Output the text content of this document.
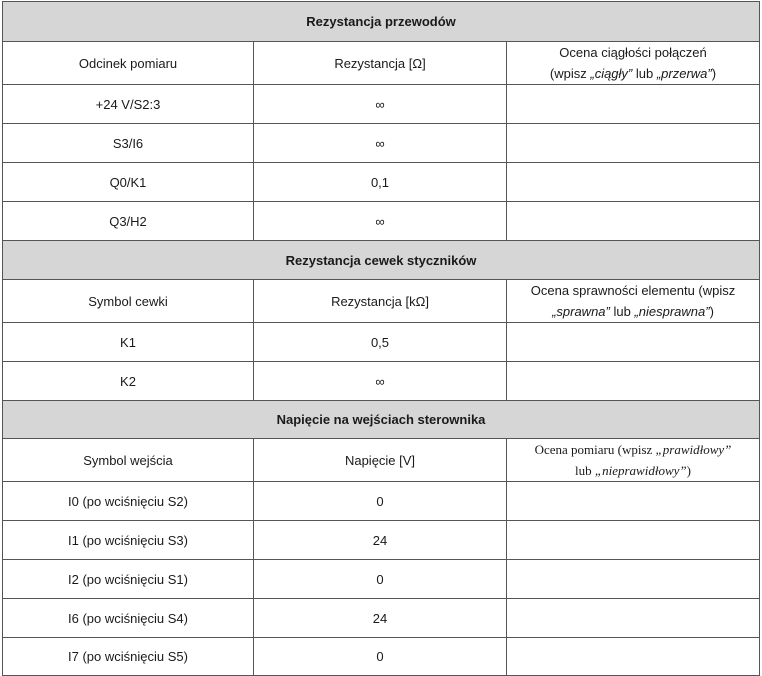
Rezystancja przewodów		
Odcinek pomiaru	Rezystancja [Ω]	Ocena ciągłości połączeń
(wpisz „ciągły” lub „przerwa”)

+24 V/S2:3	∞	
S3/I6	∞	
Q0/K1	0,1	
Q3/H2	∞	
Rezystancja cewek styczników		
Symbol cewki	Rezystancja [kΩ]	Ocena sprawności elementu (wpisz
„sprawna” lub „niesprawna”)

K1	0,5	
K2	∞	
Napięcie na wejściach sterownika		
Symbol wejścia	Napięcie [V]	Ocena pomiaru (wpisz „prawidłowy”
lub „nieprawidłowy”)

I0 (po wciśnięciu S2)	0	
I1 (po wciśnięciu S3)	24	
I2 (po wciśnięciu S1)	0	
I6 (po wciśnięciu S4)	24	
I7 (po wciśnięciu S5)	0	
